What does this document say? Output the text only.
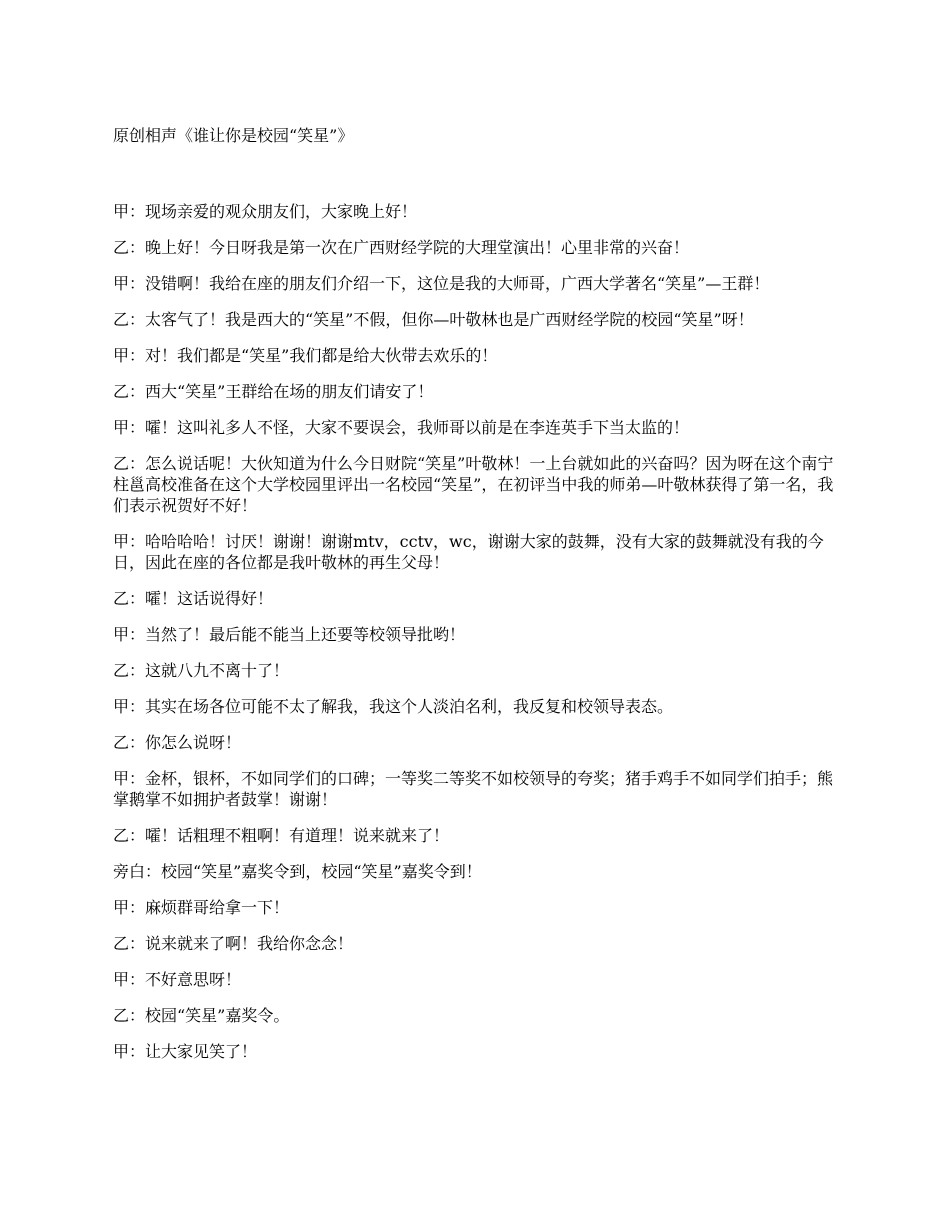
原创相声《谁让你是校园“笑星”》

甲：现场亲爱的观众朋友们，大家晚上好！

乙：晚上好！今日呀我是第一次在广西财经学院的大理堂演出！心里非常的兴奋！

甲：没错啊！我给在座的朋友们介绍一下，这位是我的大师哥，广西大学著名“笑星”—王群！

乙：太客气了！我是西大的“笑星”不假，但你—叶敬林也是广西财经学院的校园“笑星”呀！

甲：对！我们都是“笑星”我们都是给大伙带去欢乐的！

乙：西大“笑星”王群给在场的朋友们请安了！

甲：嚯！这叫礼多人不怪，大家不要误会，我师哥以前是在李连英手下当太监的！

乙：怎么说话呢！大伙知道为什么今日财院“笑星”叶敬林！一上台就如此的兴奋吗？因为呀在这个南宁柱邕高校准备在这个大学校园里评出一名校园“笑星”，在初评当中我的师弟—叶敬林获得了第一名，我们表示祝贺好不好！

甲：哈哈哈哈！讨厌！谢谢！谢谢mtv，cctv，wc，谢谢大家的鼓舞，没有大家的鼓舞就没有我的今日，因此在座的各位都是我叶敬林的再生父母！

乙：嚯！这话说得好！

甲：当然了！最后能不能当上还要等校领导批哟！

乙：这就八九不离十了！

甲：其实在场各位可能不太了解我，我这个人淡泊名利，我反复和校领导表态。

乙：你怎么说呀！

甲：金杯，银杯，不如同学们的口碑；一等奖二等奖不如校领导的夸奖；猪手鸡手不如同学们拍手；熊掌鹅掌不如拥护者鼓掌！谢谢！

乙：嚯！话粗理不粗啊！有道理！说来就来了！

旁白：校园“笑星”嘉奖令到，校园“笑星”嘉奖令到！

甲：麻烦群哥给拿一下！

乙：说来就来了啊！我给你念念！

甲：不好意思呀！

乙：校园“笑星”嘉奖令。

甲：让大家见笑了！
